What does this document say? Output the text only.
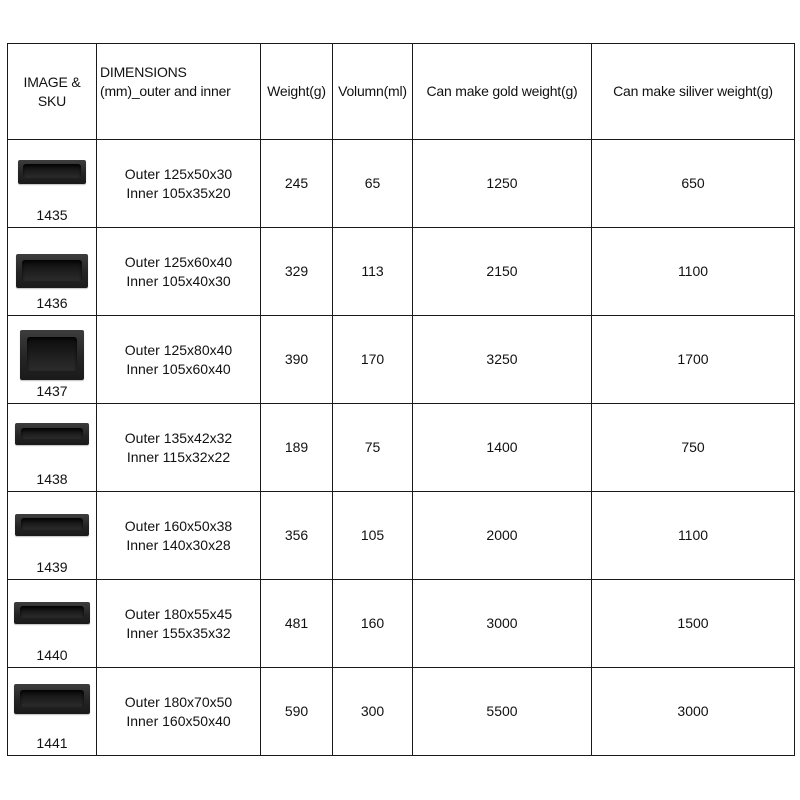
IMAGE & SKU	DIMENSIONS
(mm)_outer and inner	Weight(g)	Volumn(ml)	Can make gold weight(g)	Can make siliver weight(g)

1435	Outer 125x50x30
Inner 105x35x20	245	65	1250	650

1436	Outer 125x60x40
Inner 105x40x30	329	113	2150	1100

1437	Outer 125x80x40
Inner 105x60x40	390	170	3250	1700

1438	Outer 135x42x32
Inner 115x32x22	189	75	1400	750

1439	Outer 160x50x38
Inner 140x30x28	356	105	2000	1100

1440	Outer 180x55x45
Inner 155x35x32	481	160	3000	1500

1441	Outer 180x70x50
Inner 160x50x40	590	300	5500	3000
